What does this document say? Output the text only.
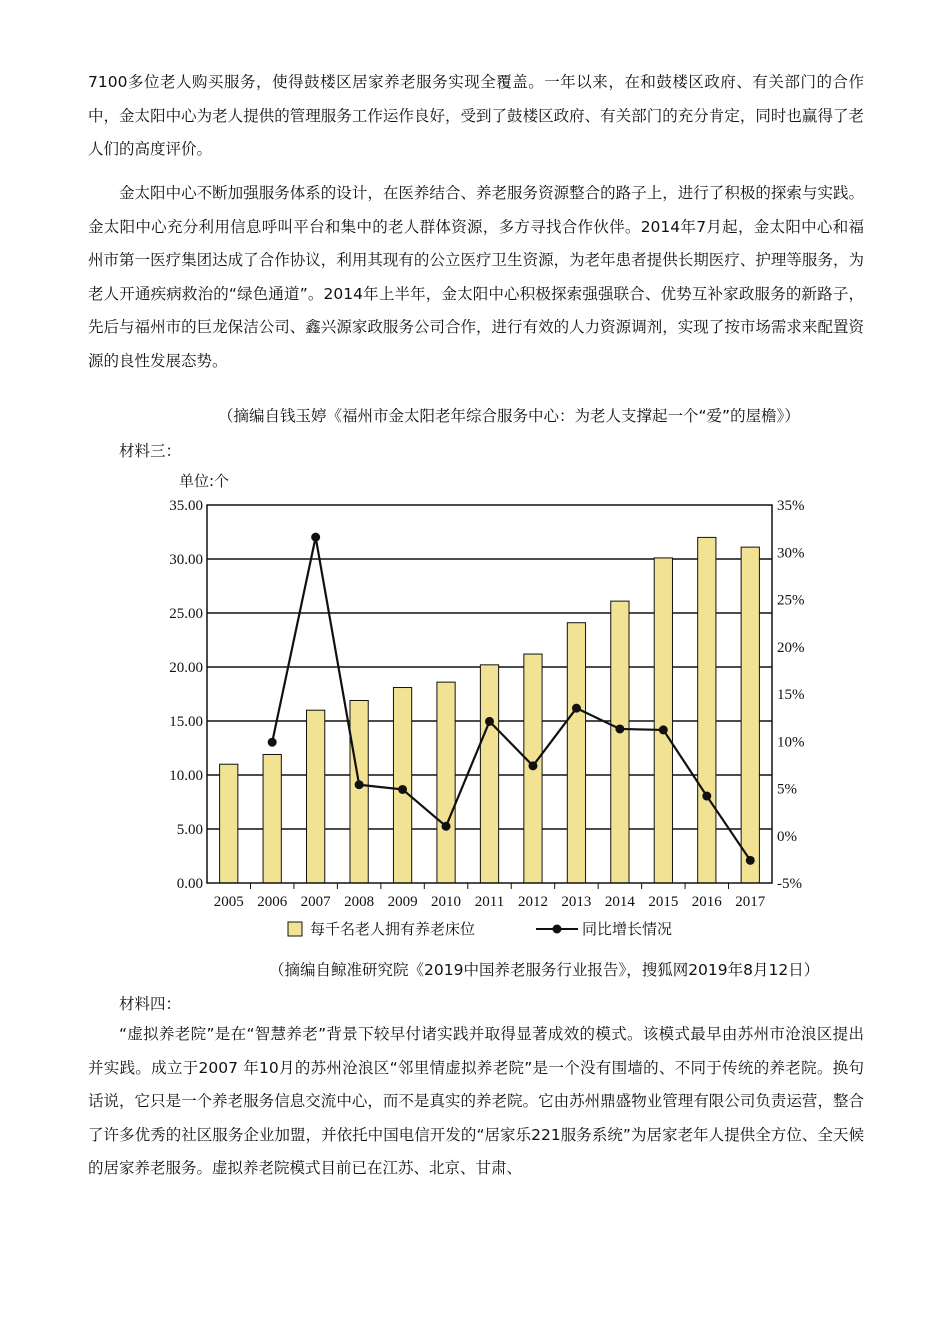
7100多位老人购买服务，使得鼓楼区居家养老服务实现全覆盖。一年以来，在和鼓楼区政府、有关部门的合作中，金太阳中心为老人提供的管理服务工作运作良好，受到了鼓楼区政府、有关部门的充分肯定，同时也赢得了老人们的高度评价。

金太阳中心不断加强服务体系的设计，在医养结合、养老服务资源整合的路子上，进行了积极的探索与实践。金太阳中心充分利用信息呼叫平台和集中的老人群体资源，多方寻找合作伙伴。2014年7月起，金太阳中心和福州市第一医疗集团达成了合作协议，利用其现有的公立医疗卫生资源，为老年患者提供长期医疗、护理等服务，为老人开通疾病救治的“绿色通道”。2014年上半年，金太阳中心积极探索强强联合、优势互补家政服务的新路子，先后与福州市的巨龙保洁公司、鑫兴源家政服务公司合作，进行有效的人力资源调剂，实现了按市场需求来配置资源的良性发展态势。

（摘编自钱玉婷《福州市金太阳老年综合服务中心：为老人支撑起一个“爱”的屋檐》）
材料三：
0.00
5.00
10.00
15.00
20.00
25.00
30.00
35.00
-5%
0%
5%
10%
15%
20%
25%
30%
35%
2005 2006 2007 2008 2009 2010 2011 2012 2013 2014 2015 2016 2017
单位:个
每千名老人拥有养老床位	同比增长情况
（摘编自鲸准研究院《2019中国养老服务行业报告》，搜狐网2019年8月12日）
材料四：

“虚拟养老院”是在“智慧养老”背景下较早付诸实践并取得显著成效的模式。该模式最早由苏州市沧浪区提出并实践。成立于2007 年10月的苏州沧浪区“邻里情虚拟养老院”是一个没有围墙的、不同于传统的养老院。换句话说，它只是一个养老服务信息交流中心，而不是真实的养老院。它由苏州鼎盛物业管理有限公司负责运营，整合了许多优秀的社区服务企业加盟，并依托中国电信开发的“居家乐221服务系统”为居家老年人提供全方位、全天候的居家养老服务。虚拟养老院模式目前已在江苏、北京、甘肃、
